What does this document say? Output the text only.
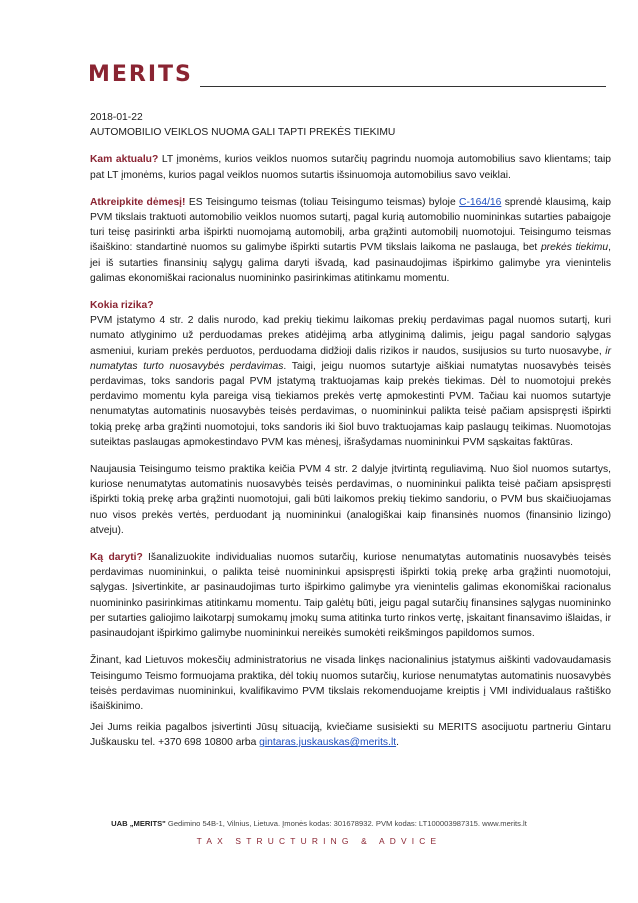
MERITS

2018-01-22

AUTOMOBILIO VEIKLOS NUOMA GALI TAPTI PREKĖS TIEKIMU

Kam aktualu? LT įmonėms, kurios veiklos nuomos sutarčių pagrindu nuomoja automobilius savo klientams; taip pat LT įmonėms, kurios pagal veiklos nuomos sutartis išsinuomoja automobilius savo veiklai.

Atkreipkite dėmesį! ES Teisingumo teismas (toliau Teisingumo teismas) byloje C-164/16 sprendė klausimą, kaip PVM tikslais traktuoti automobilio veiklos nuomos sutartį, pagal kurią automobilio nuomininkas sutarties pabaigoje turi teisę pasirinkti arba išpirkti nuomojamą automobilį, arba grąžinti automobilį nuomotojui. Teisingumo teismas išaiškino: standartinė nuomos su galimybe išpirkti sutartis PVM tikslais laikoma ne paslauga, bet prekės tiekimu, jei iš sutarties finansinių sąlygų galima daryti išvadą, kad pasinaudojimas išpirkimo galimybe yra vienintelis galimas ekonomiškai racionalus nuomininko pasirinkimas atitinkamu momentu.

Kokia rizika?
PVM įstatymo 4 str. 2 dalis nurodo, kad prekių tiekimu laikomas prekių perdavimas pagal nuomos sutartį, kuri numato atlyginimo už perduodamas prekes atidėjimą arba atlyginimą dalimis, jeigu pagal sandorio sąlygas asmeniui, kuriam prekės perduotos, perduodama didžioji dalis rizikos ir naudos, susijusios su turto nuosavybe, ir numatytas turto nuosavybės perdavimas. Taigi, jeigu nuomos sutartyje aiškiai numatytas nuosavybės teisės perdavimas, toks sandoris pagal PVM įstatymą traktuojamas kaip prekės tiekimas. Dėl to nuomotojui prekės perdavimo momentu kyla pareiga visą tiekiamos prekės vertę apmokestinti PVM. Tačiau kai nuomos sutartyje nenumatytas automatinis nuosavybės teisės perdavimas, o nuomininkui palikta teisė pačiam apsispręsti išpirkti tokią prekę arba grąžinti nuomotojui, toks sandoris iki šiol buvo traktuojamas kaip paslaugų teikimas. Nuomotojas suteiktas paslaugas apmokestindavo PVM kas mėnesį, išrašydamas nuomininkui PVM sąskaitas faktūras.

Naujausia Teisingumo teismo praktika keičia PVM 4 str. 2 dalyje įtvirtintą reguliavimą. Nuo šiol nuomos sutartys, kuriose nenumatytas automatinis nuosavybės teisės perdavimas, o nuomininkui palikta teisė pačiam apsispręsti išpirkti tokią prekę arba grąžinti nuomotojui, gali būti laikomos prekių tiekimo sandoriu, o PVM bus skaičiuojamas nuo visos prekės vertės, perduodant ją nuomininkui (analogiškai kaip finansinės nuomos (finansinio lizingo) atveju).

Ką daryti? Išanalizuokite individualias nuomos sutarčių, kuriose nenumatytas automatinis nuosavybės teisės perdavimas nuomininkui, o palikta teisė nuomininkui apsispręsti išpirkti tokią prekę arba grąžinti nuomotojui, sąlygas. Įsivertinkite, ar pasinaudojimas turto išpirkimo galimybe yra vienintelis galimas ekonomiškai racionalus nuomininko pasirinkimas atitinkamu momentu. Taip galėtų būti, jeigu pagal sutarčių finansines sąlygas nuomininko per sutarties galiojimo laikotarpį sumokamų įmokų suma atitinka turto rinkos vertę, įskaitant finansavimo išlaidas, ir pasinaudojant išpirkimo galimybe nuomininkui nereikės sumokėti reikšmingos papildomos sumos.

Žinant, kad Lietuvos mokesčių administratorius ne visada linkęs nacionalinius įstatymus aiškinti vadovaudamasis Teisingumo Teismo formuojama praktika, dėl tokių nuomos sutarčių, kuriose nenumatytas automatinis nuosavybės teisės perdavimas nuomininkui, kvalifikavimo PVM tikslais rekomenduojame kreiptis į VMI individualaus raštiško išaiškinimo.

Jei Jums reikia pagalbos įsivertinti Jūsų situaciją, kviečiame susisiekti su MERITS asocijuotu partneriu Gintaru Juškausku tel. +370 698 10800 arba gintaras.juskauskas@merits.lt.

UAB „MERITS" Gedimino 54B-1, Vilnius, Lietuva. Įmonės kodas: 301678932. PVM kodas: LT100003987315. www.merits.lt
TAX STRUCTURING & ADVICE
